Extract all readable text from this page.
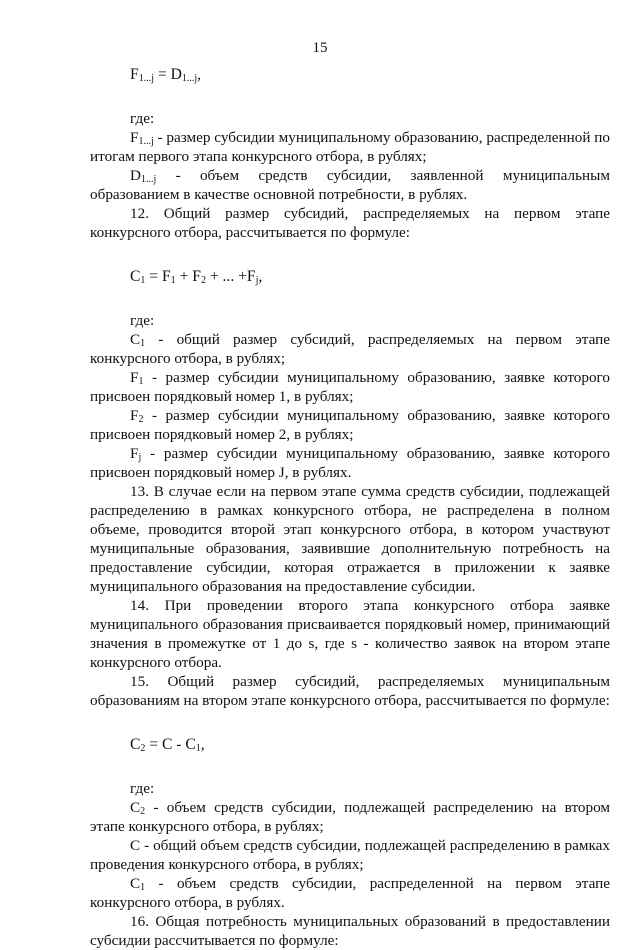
15

$F_{1...j} = D_{1...j}$,

где:

$F_{1...j}$ - размер субсидии муниципальному образованию, распределенной по итогам первого этапа конкурсного отбора, в рублях;

$D_{1...j}$ - объем средств субсидии, заявленной муниципальным образованием в качестве основной потребности, в рублях.

12. Общий размер субсидий, распределяемых на первом этапе конкурсного отбора, рассчитывается по формуле:

$C_1 = F_1 + F_2$ + ... $+F_j$,

где:

$C_1$ - общий размер субсидий, распределяемых на первом этапе конкурсного отбора, в рублях;

$F_1$ - размер субсидии муниципальному образованию, заявке которого присвоен порядковый номер 1, в рублях;

$F_2$ - размер субсидии муниципальному образованию, заявке которого присвоен порядковый номер 2, в рублях;

$F_j$ - размер субсидии муниципальному образованию, заявке которого присвоен порядковый номер J, в рублях.

13. В случае если на первом этапе сумма средств субсидии, подлежащей распределению в рамках конкурсного отбора, не распределена в полном объеме, проводится второй этап конкурсного отбора, в котором участвуют муниципальные образования, заявившие дополнительную потребность на предоставление субсидии, которая отражается в приложении к заявке муниципального образования на предоставление субсидии.

14. При проведении второго этапа конкурсного отбора заявке муниципального образования присваивается порядковый номер, принимающий значения в промежутке от 1 до s, где s - количество заявок на втором этапе конкурсного отбора.

15. Общий размер субсидий, распределяемых муниципальным образованиям на втором этапе конкурсного отбора, рассчитывается по формуле:

$C_2 = C - C_1$,

где:

$C_2$ - объем средств субсидии, подлежащей распределению на втором этапе конкурсного отбора, в рублях;

C - общий объем средств субсидии, подлежащей распределению в рамках проведения конкурсного отбора, в рублях;

$C_1$ - объем средств субсидии, распределенной на первом этапе конкурсного отбора, в рублях.

16. Общая потребность муниципальных образований в предоставлении субсидии рассчитывается по формуле:
